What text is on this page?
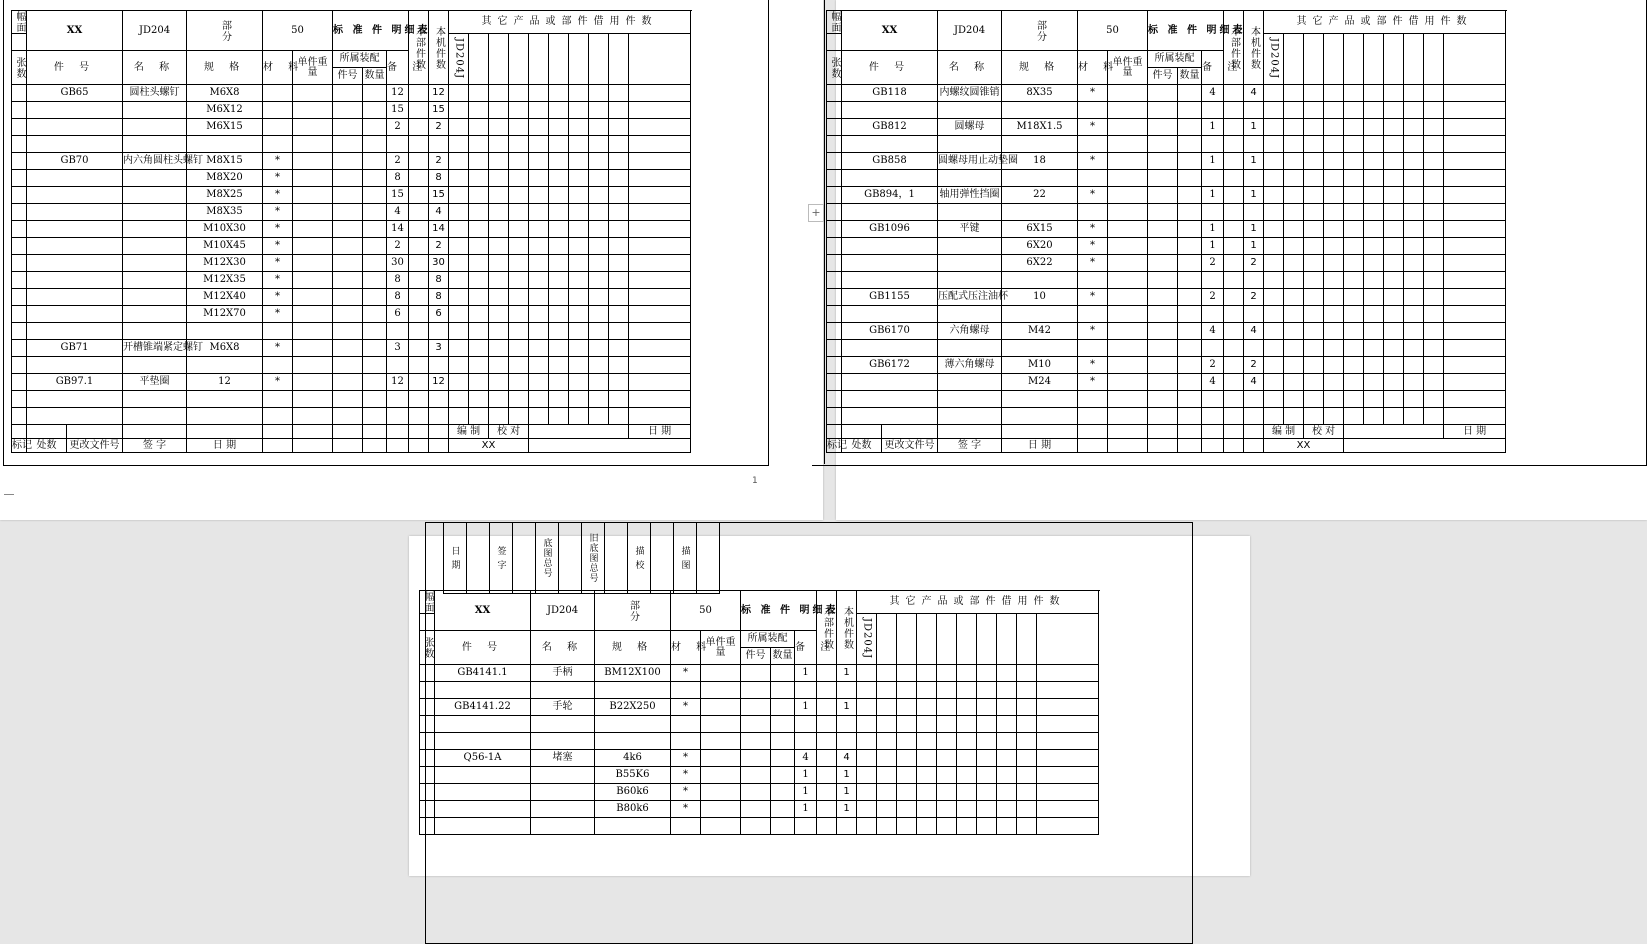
幅面	XX		JD204	部分	50		标 准 件 明细表			本部件数	本机件数	其它产品或部件借用件数	
												JD204J											
张数	件 号		名 称	规 格	材 料	单件重量	所属装配		备 注													
							件号	数量														
	GB65		圆柱头螺钉	M6X8					12		12											
				M6X12					15		15											
				M6X15					2		2											

	GB70		内六角圆柱头螺钉	M8X15	*				2		2											
				M8X20	*				8		8											
				M8X25	*				15		15											
				M8X35	*				4		4											
				M10X30	*				14		14											
				M10X45	*				2		2											
				M12X30	*				30		30											
				M12X35	*				8		8											
				M12X40	*				8		8											
				M12X70	*				6		6											

	GB71		开槽锥端紧定螺钉	M6X8	*				3		3											

	GB97.1		平垫圈	12	*				12		12											

												编 制		校 对							日 期	
标记	处数	更改文件号	签 字	日 期								XX										
1
+
幅面	XX		JD204	部分	50		标 准 件 明细表			本部件数	本机件数	其它产品或部件借用件数	
												JD204J											
张数	件 号		名 称	规 格	材 料	单件重量	所属装配		备 注													
							件号	数量														
	GB118		内螺纹圆锥销	8X35	*				4		4											

	GB812		圆螺母	M18X1.5	*				1		1											

	GB858		圆螺母用止动垫圈	18	*				1		1											

	GB894，1		轴用弹性挡圈	22	*				1		1											

	GB1096		平键	6X15	*				1		1											
				6X20	*				1		1											
				6X22	*				2		2											

	GB1155		压配式压注油杯	10	*				2		2											

	GB6170		六角螺母	M42	*				4		4											

	GB6172		薄六角螺母	M10	*				2		2											
				M24	*				4		4											

												编 制		校 对							日 期	
标记	处数	更改文件号	签 字	日 期								XX										
日 期		签 字		底图总号		旧底图总号		描 校		描 图	
幅面	XX	JD204	部分	50		标 准 件 明细表			本部件数	本机件数	其它产品或部件借用件数	
											JD204J											
张数	件 号	名 称	规 格	材 料	单件重量	所属装配		备 注													
						件号	数量														
	GB4141.1	手柄	BM12X100	*				1		1											

	GB4141.22	手轮	B22X250	*				1		1											

	Q56-1A	堵塞	4k6	*				4		4											
			B55K6	*				1		1											
			B60k6	*				1		1											
			B80k6	*				1		1											
